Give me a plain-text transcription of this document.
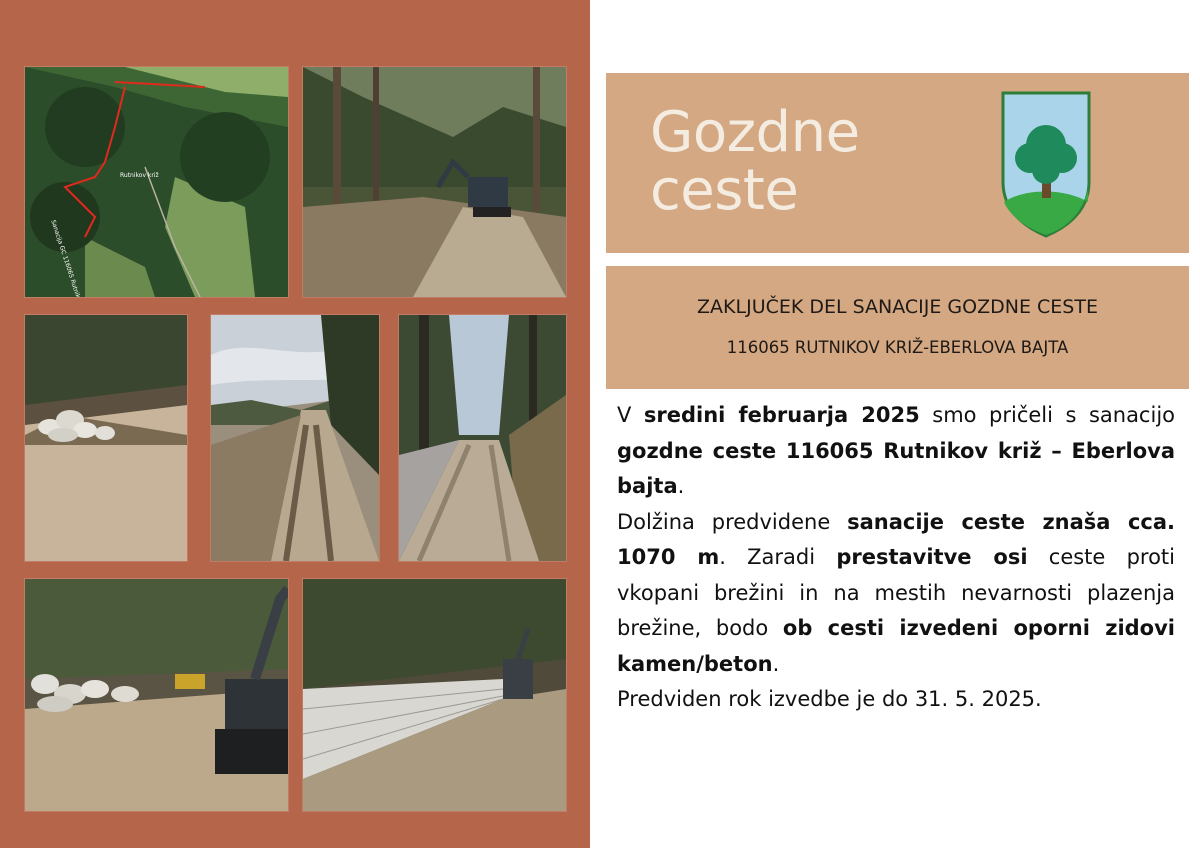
Rutnikov križ
Gozdne
ceste
ZAKLJUČEK DEL SANACIJE GOZDNE CESTE
116065 RUTNIKOV KRIŽ-EBERLOVA BAJTA

V sredini februarja 2025 smo pričeli s sanacijo gozdne ceste 116065 Rutnikov križ – Eberlova bajta.

Dolžina predvidene sanacije ceste znaša cca. 1070 m. Zaradi prestavitve osi ceste proti vkopani brežini in na mestih nevarnosti plazenja brežine, bodo ob cesti izvedeni oporni zidovi kamen/beton.

Predviden rok izvedbe je do 31. 5. 2025.
